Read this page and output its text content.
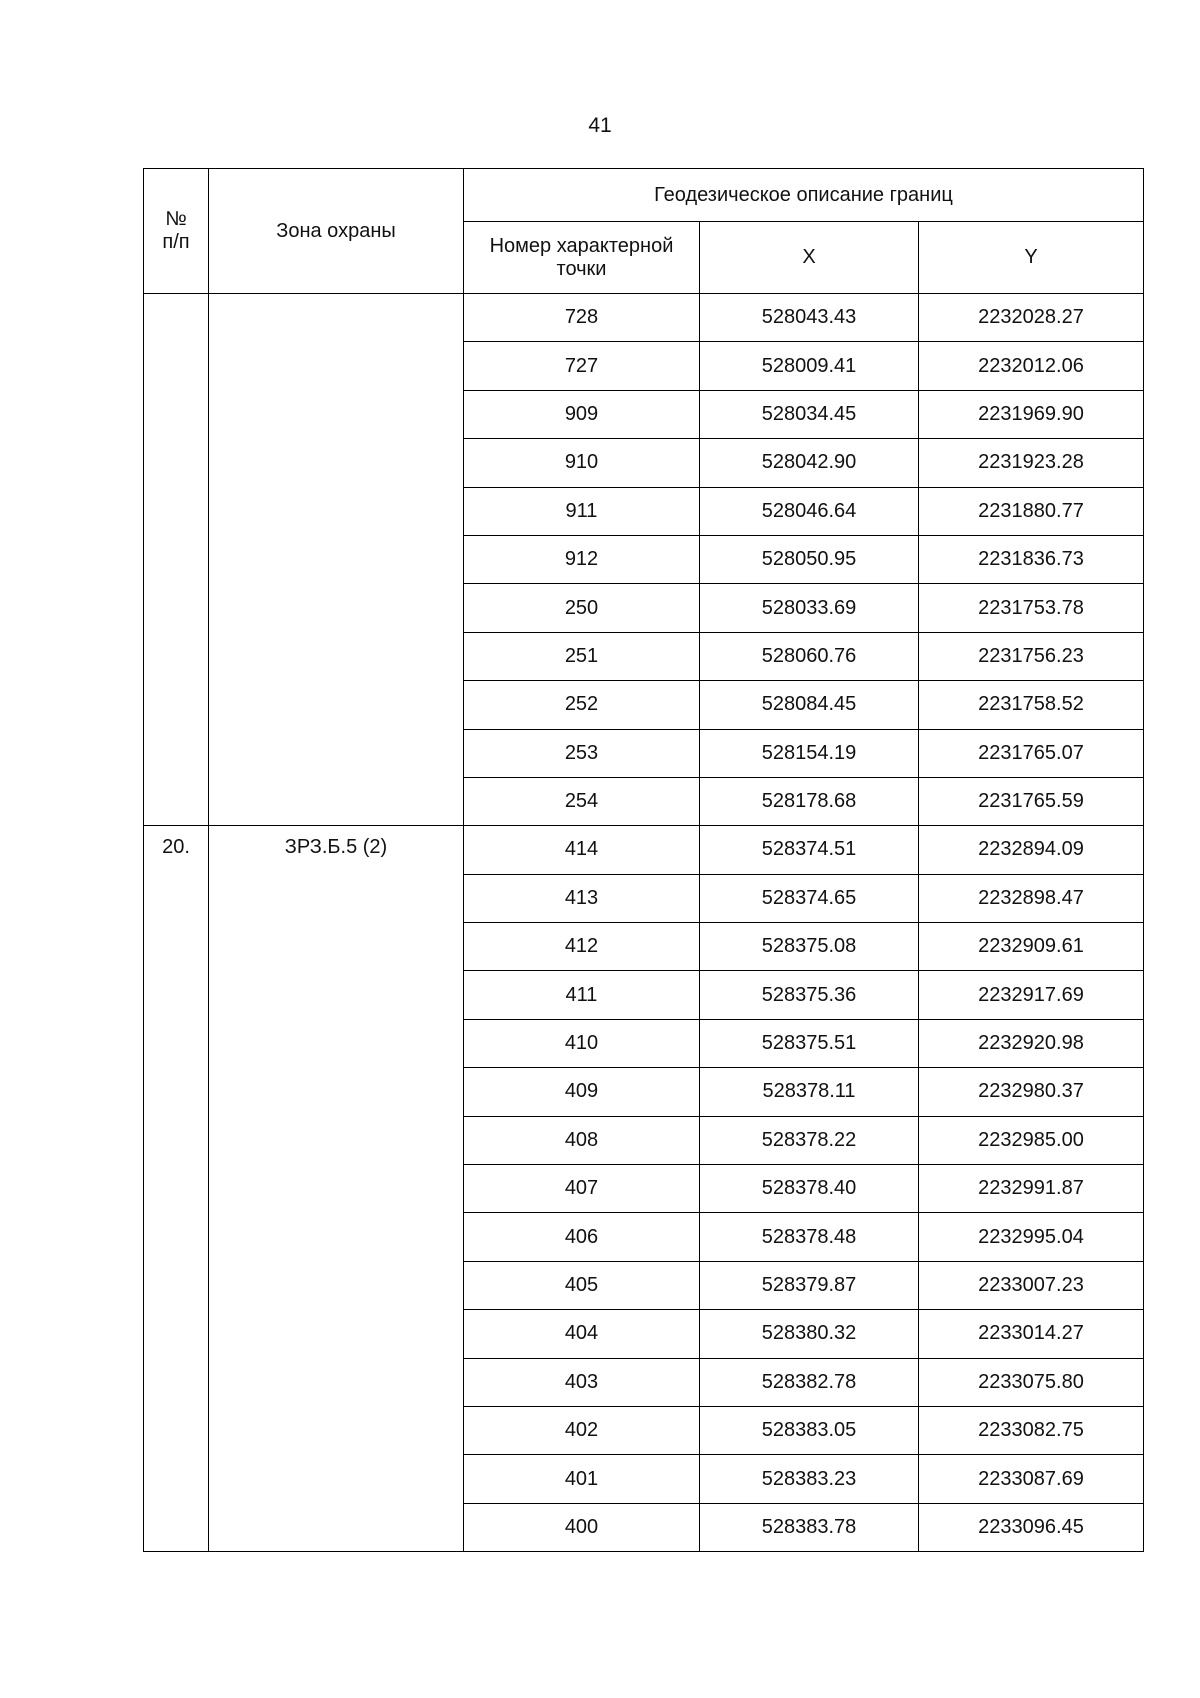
41
№
п/п	Зона охраны	Геодезическое описание границ		
		Номер характерной
точки	X	Y
		728	528043.43	2232028.27
		727	528009.41	2232012.06
		909	528034.45	2231969.90
		910	528042.90	2231923.28
		911	528046.64	2231880.77
		912	528050.95	2231836.73
		250	528033.69	2231753.78
		251	528060.76	2231756.23
		252	528084.45	2231758.52
		253	528154.19	2231765.07
		254	528178.68	2231765.59
20.	ЗРЗ.Б.5 (2)	414	528374.51	2232894.09
		413	528374.65	2232898.47
		412	528375.08	2232909.61
		411	528375.36	2232917.69
		410	528375.51	2232920.98
		409	528378.11	2232980.37
		408	528378.22	2232985.00
		407	528378.40	2232991.87
		406	528378.48	2232995.04
		405	528379.87	2233007.23
		404	528380.32	2233014.27
		403	528382.78	2233075.80
		402	528383.05	2233082.75
		401	528383.23	2233087.69
		400	528383.78	2233096.45
